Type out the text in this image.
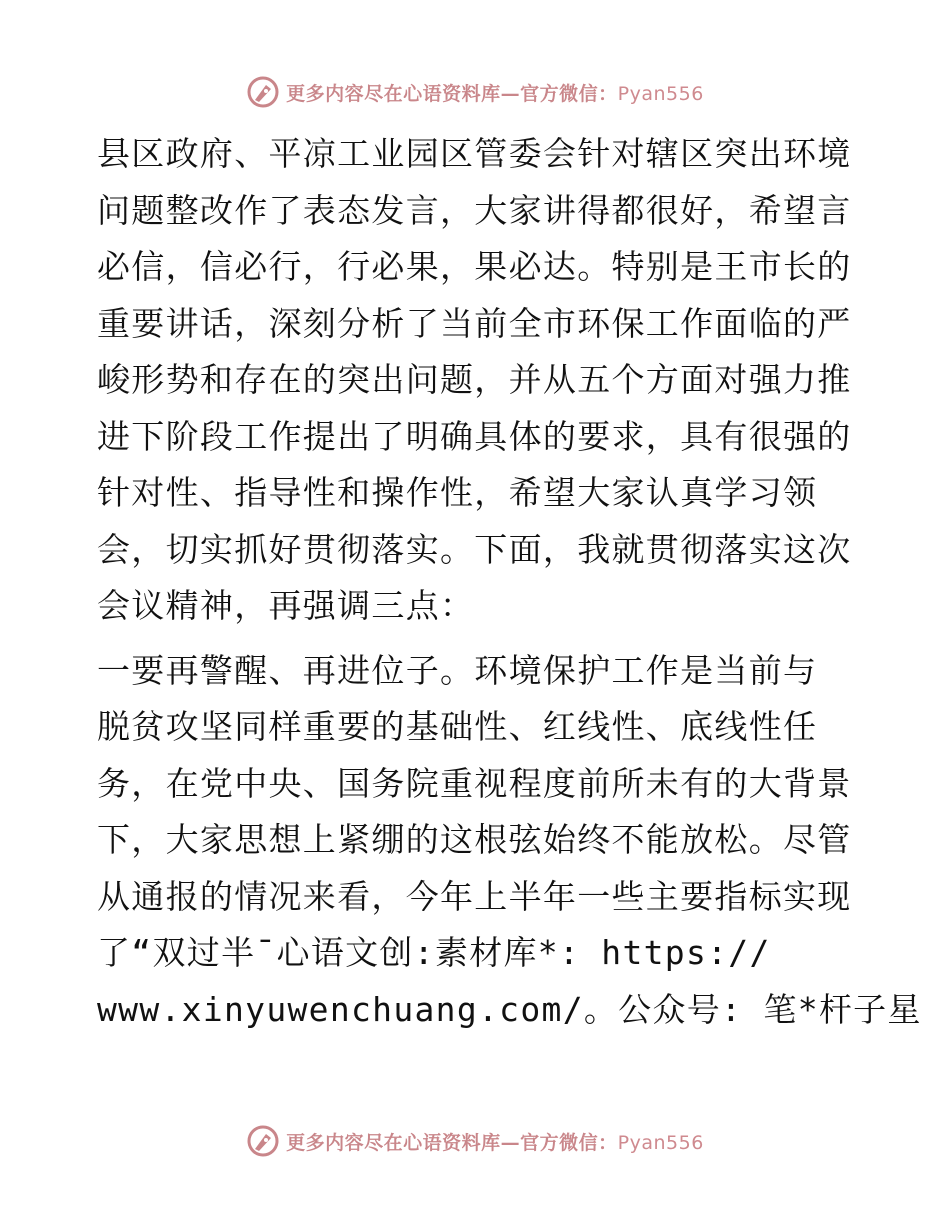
更多内容尽在心语资料库—官方微信：Pyan556
县区政府、平凉工业园区管委会针对辖区突出环境
问题整改作了表态发言，大家讲得都很好，希望言
必信，信必行，行必果，果必达。特别是王市长的
重要讲话，深刻分析了当前全市环保工作面临的严
峻形势和存在的突出问题，并从五个方面对强力推
进下阶段工作提出了明确具体的要求，具有很强的
针对性、指导性和操作性，希望大家认真学习领
会，切实抓好贯彻落实。下面，我就贯彻落实这次
会议精神，再强调三点：
一要再警醒、再进位子。环境保护工作是当前与
脱贫攻坚同样重要的基础性、红线性、底线性任
务，在党中央、国务院重视程度前所未有的大背景
下，大家思想上紧绷的这根弦始终不能放松。尽管
从通报的情况来看，今年上半年一些主要指标实现
了“双过半¯心语文创:素材库*: https://
www.xinyuwenchuang.com/。公众号: 笔*杆子星
更多内容尽在心语资料库—官方微信：Pyan556
